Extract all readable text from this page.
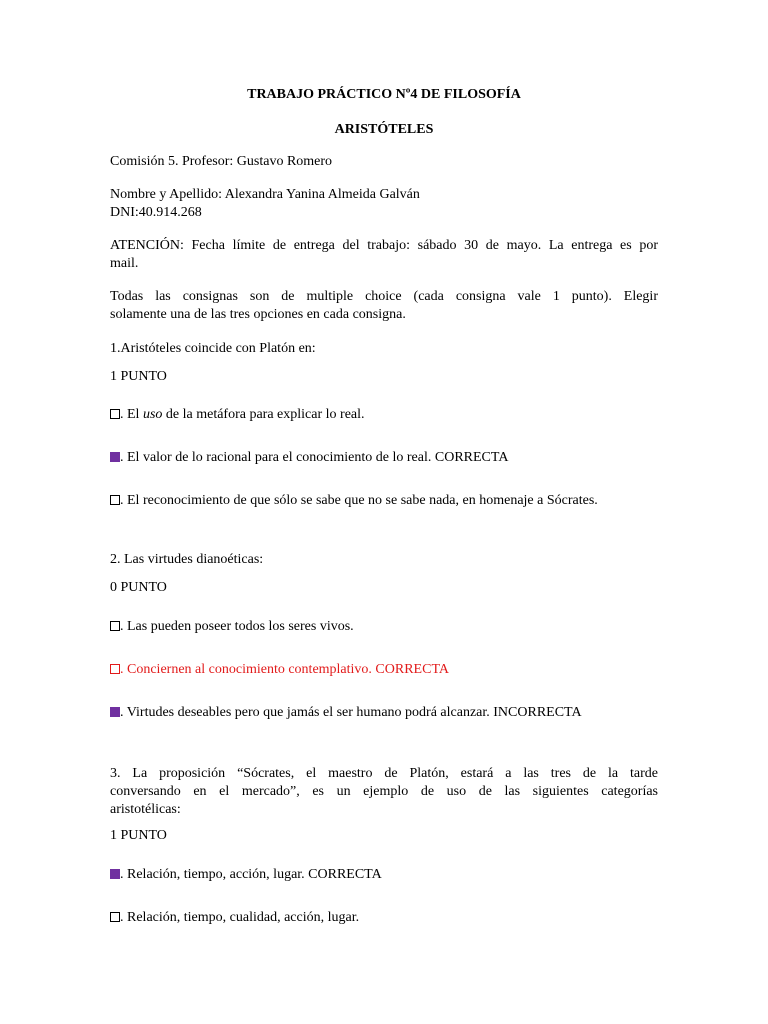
TRABAJO PRÁCTICO Nº4 DE FILOSOFÍA
ARISTÓTELES
Comisión 5. Profesor: Gustavo Romero
Nombre y Apellido: Alexandra Yanina Almeida Galván
DNI:40.914.268
ATENCIÓN: Fecha límite de entrega del trabajo: sábado 30 de mayo. La entrega es por
mail.
Todas las consignas son de multiple choice (cada consigna vale 1 punto). Elegir
solamente una de las tres opciones en cada consigna.
1.Aristóteles coincide con Platón en:
1 PUNTO
. El uso de la metáfora para explicar lo real.
. El valor de lo racional para el conocimiento de lo real. CORRECTA
. El reconocimiento de que sólo se sabe que no se sabe nada, en homenaje a Sócrates.
2. Las virtudes dianoéticas:
0 PUNTO
. Las pueden poseer todos los seres vivos.
. Conciernen al conocimiento contemplativo. CORRECTA
. Virtudes deseables pero que jamás el ser humano podrá alcanzar. INCORRECTA
3. La proposición “Sócrates, el maestro de Platón, estará a las tres de la tarde
conversando en el mercado”, es un ejemplo de uso de las siguientes categorías
aristotélicas:
1 PUNTO
. Relación, tiempo, acción, lugar. CORRECTA
. Relación, tiempo, cualidad, acción, lugar.
